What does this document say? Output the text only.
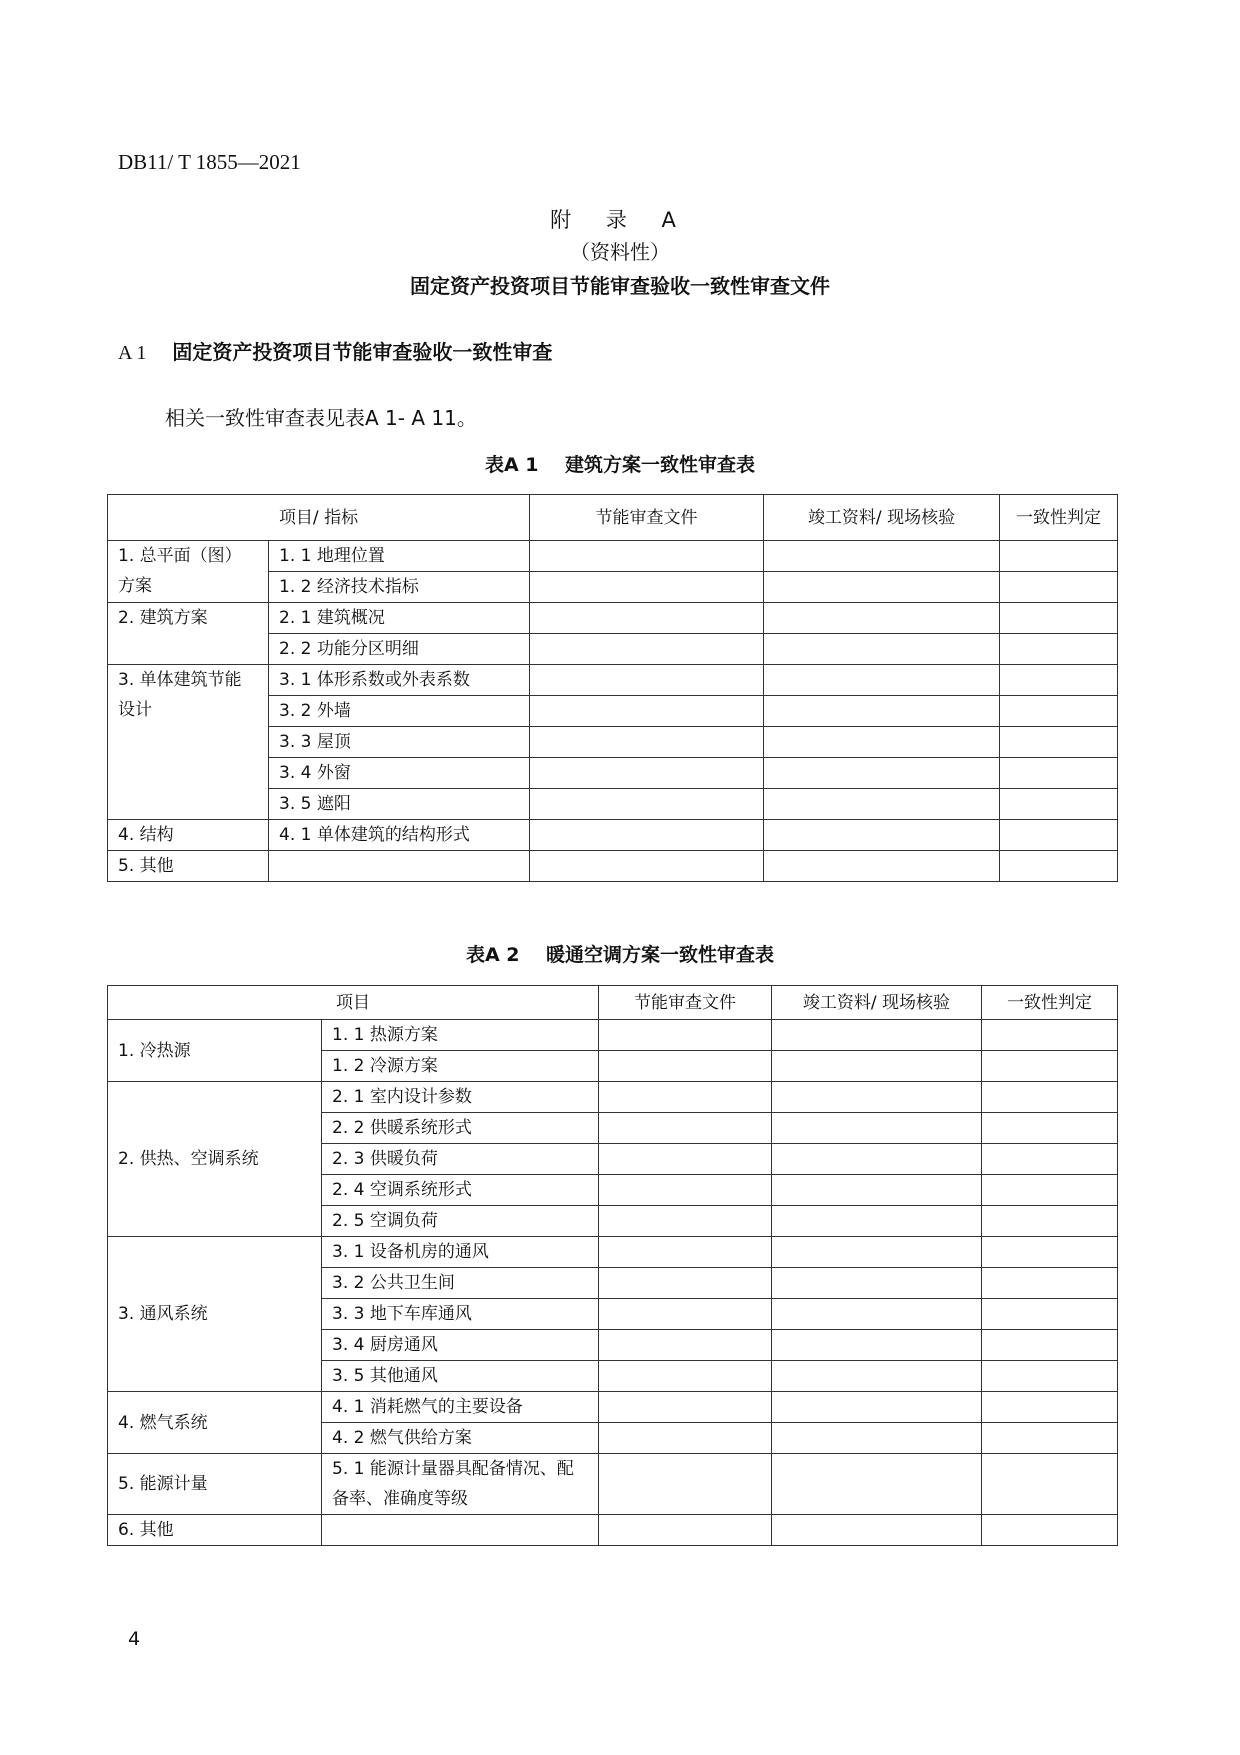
DB11/ T 1855—2021
附 录 A
（资料性）
固定资产投资项目节能审查验收一致性审查文件
A 1 固定资产投资项目节能审查验收一致性审查
相关一致性审查表见表A 1- A 11。
表A 1 建筑方案一致性审查表
项目/ 指标		节能审查文件	竣工资料/ 现场核验	一致性判定
1. 总平面（图）方案	1. 1 地理位置			
	1. 2 经济技术指标			
2. 建筑方案	2. 1 建筑概况			
	2. 2 功能分区明细			
3. 单体建筑节能设计	3. 1 体形系数或外表系数			
	3. 2 外墙			
	3. 3 屋顶			
	3. 4 外窗			
	3. 5 遮阳			
4. 结构	4. 1 单体建筑的结构形式			
5. 其他				
表A 2 暖通空调方案一致性审查表
项目		节能审查文件	竣工资料/ 现场核验	一致性判定
1. 冷热源	1. 1 热源方案			
	1. 2 冷源方案			
2. 供热、空调系统	2. 1 室内设计参数			
	2. 2 供暖系统形式			
	2. 3 供暖负荷			
	2. 4 空调系统形式			
	2. 5 空调负荷			
3. 通风系统	3. 1 设备机房的通风			
	3. 2 公共卫生间			
	3. 3 地下车库通风			
	3. 4 厨房通风			
	3. 5 其他通风			
4. 燃气系统	4. 1 消耗燃气的主要设备			
	4. 2 燃气供给方案			
5. 能源计量	5. 1 能源计量器具配备情况、配备率、准确度等级			
6. 其他				
4
